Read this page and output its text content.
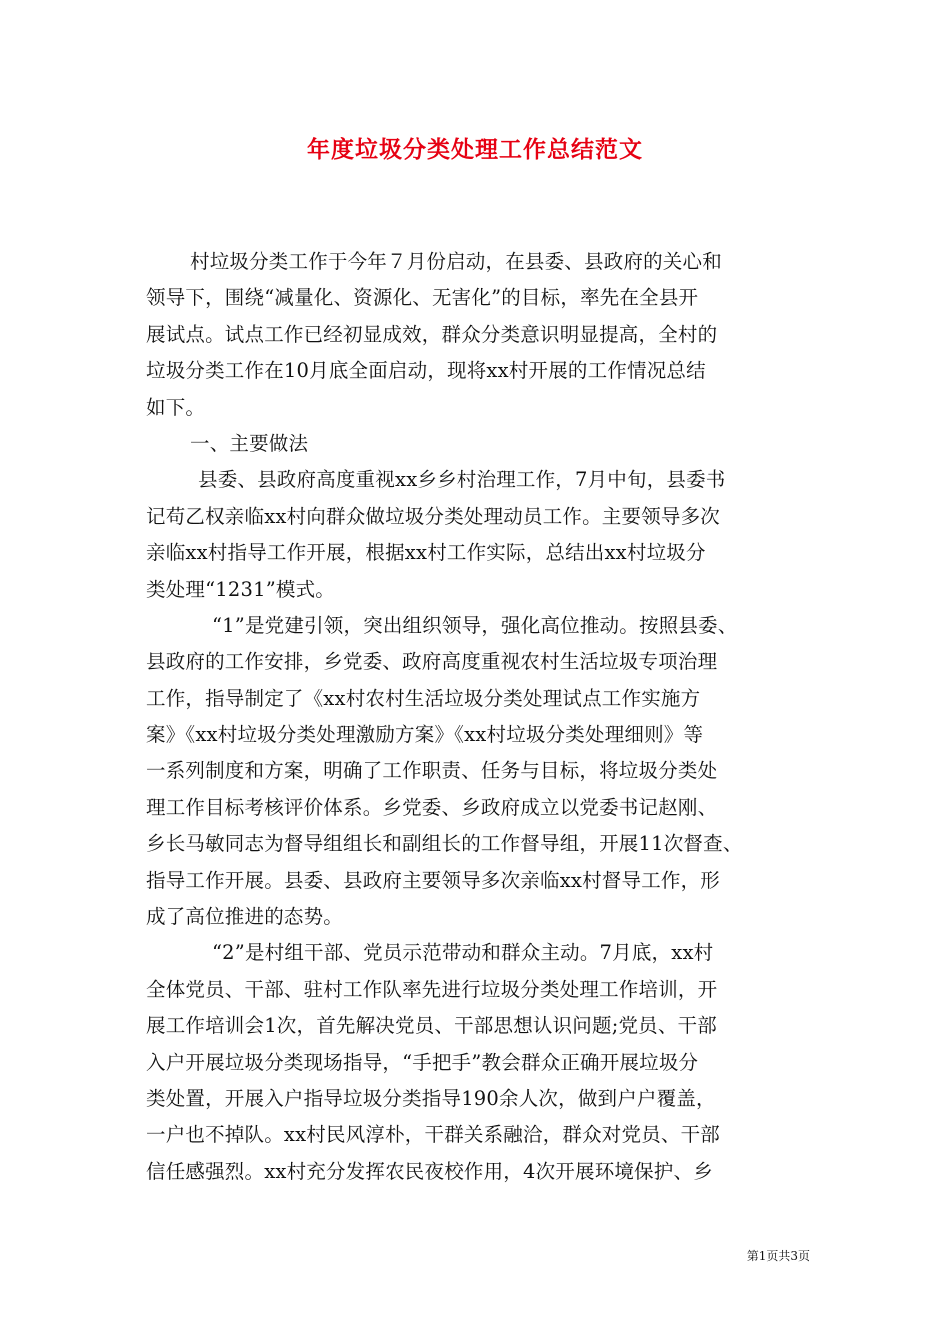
年度垃圾分类处理工作总结范文
村垃圾分类工作于今年７月份启动，在县委、县政府的关心和
领导下，围绕“减量化、资源化、无害化”的目标，率先在全县开
展试点。试点工作已经初显成效，群众分类意识明显提高，全村的
垃圾分类工作在10月底全面启动，现将xx村开展的工作情况总结
如下。
一、主要做法
县委、县政府高度重视xx乡乡村治理工作，7月中旬，县委书
记苟乙权亲临xx村向群众做垃圾分类处理动员工作。主要领导多次
亲临xx村指导工作开展，根据xx村工作实际，总结出xx村垃圾分
类处理“1231”模式。
“1”是党建引领，突出组织领导，强化高位推动。按照县委、
县政府的工作安排，乡党委、政府高度重视农村生活垃圾专项治理
工作，指导制定了《xx村农村生活垃圾分类处理试点工作实施方
案》《xx村垃圾分类处理激励方案》《xx村垃圾分类处理细则》等
一系列制度和方案，明确了工作职责、任务与目标，将垃圾分类处
理工作目标考核评价体系。乡党委、乡政府成立以党委书记赵刚、
乡长马敏同志为督导组组长和副组长的工作督导组，开展11次督查、
指导工作开展。县委、县政府主要领导多次亲临xx村督导工作，形
成了高位推进的态势。
“2”是村组干部、党员示范带动和群众主动。7月底，xx村
全体党员、干部、驻村工作队率先进行垃圾分类处理工作培训，开
展工作培训会1次，首先解决党员、干部思想认识问题;党员、干部
入户开展垃圾分类现场指导，“手把手”教会群众正确开展垃圾分
类处置，开展入户指导垃圾分类指导190余人次，做到户户覆盖，
一户也不掉队。xx村民风淳朴，干群关系融洽，群众对党员、干部
信任感强烈。xx村充分发挥农民夜校作用，4次开展环境保护、乡
第1页共3页
